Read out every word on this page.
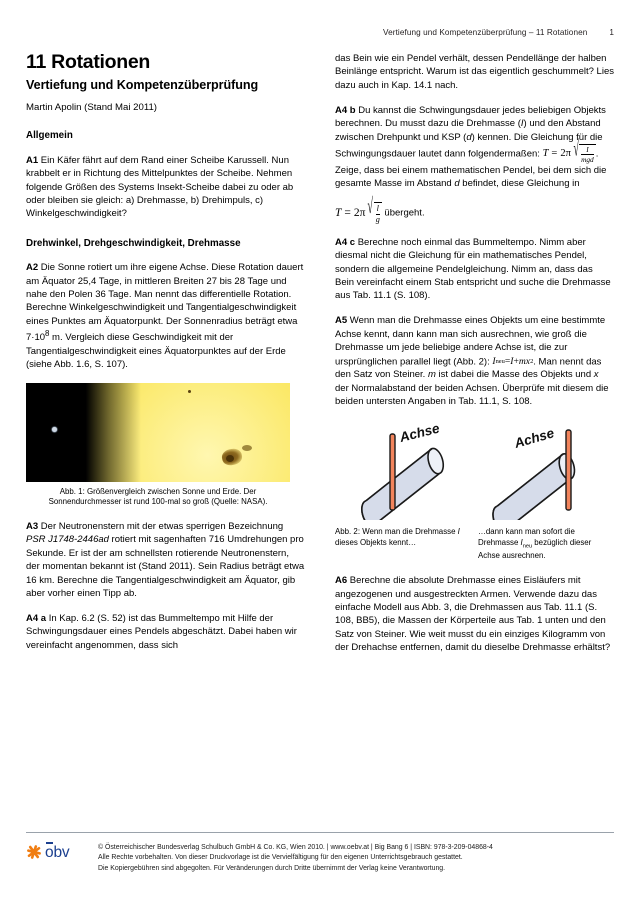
Vertiefung und Kompetenzüberprüfung – 11 Rotationen	1
11 Rotationen
Vertiefung und Kompetenzüberprüfung

Martin Apolin (Stand Mai 2011)

Allgemein

A1 Ein Käfer fährt auf dem Rand einer Scheibe Karussell. Nun krabbelt er in Richtung des Mittelpunktes der Scheibe. Nehmen folgende Größen des Systems Insekt-Scheibe dabei zu oder ab oder bleiben sie gleich: a) Drehmasse, b) Drehimpuls, c) Winkelgeschwindigkeit?

Drehwinkel, Drehgeschwindigkeit, Drehmasse

A2 Die Sonne rotiert um ihre eigene Achse. Diese Rotation dauert am Äquator 25,4 Tage, in mittleren Breiten 27 bis 28 Tage und nahe den Polen 36 Tage. Man nennt das differentielle Rotation. Berechne Winkelgeschwindigkeit und Tangentialgeschwindigkeit eines Punktes am Äquatorpunkt. Der Sonnenradius beträgt etwa $7\cdot 10^8$ m. Vergleich diese Geschwindigkeit mit der Tangentialgeschwindigkeit eines Äquatorpunktes auf der Erde (siehe Abb. 1.6, S. 107).

Abb. 1: Größenvergleich zwischen Sonne und Erde. Der Sonnendurchmesser ist rund 100-mal so groß (Quelle: NASA).

A3 Der Neutronenstern mit der etwas sperrigen Bezeichnung PSR J1748-2446ad rotiert mit sagenhaften 716 Umdrehungen pro Sekunde. Er ist der am schnellsten rotierende Neutronenstern, der momentan bekannt ist (Stand 2011). Sein Radius beträgt etwa 16 km. Berechne die Tangentialgeschwindigkeit am Äquator, gib aber vorher einen Tipp ab.

A4 a In Kap. 6.2 (S. 52) ist das Bummeltempo mit Hilfe der Schwingungsdauer eines Pendels abgeschätzt. Dabei haben wir vereinfacht angenommen, dass sich

das Bein wie ein Pendel verhält, dessen Pendellänge der halben Beinlänge entspricht. Warum ist das eigentlich geschummelt? Lies dazu auch in Kap. 14.1 nach.

A4 b Du kannst die Schwingungsdauer jedes beliebigen Objekts berechnen. Du musst dazu die Drehmasse (I) und den Abstand zwischen Drehpunkt und KSP (d) kennen. Die Gleichung für die Schwingungsdauer lautet dann folgendermaßen: T = 2π √ $\frac{I}{\text{mgd}}$ . Zeige, dass bei einem mathematischen Pendel, bei dem sich die gesamte Masse im Abstand d befindet, diese Gleichung in

T = 2π √ $\frac{l}{g}$ übergeht.

A4 c Berechne noch einmal das Bummeltempo. Nimm aber diesmal nicht die Gleichung für ein mathematisches Pendel, sondern die allgemeine Pendelgleichung. Nimm an, dass das Bein vereinfacht einem Stab entspricht und suche die Drehmasse aus Tab. 11.1 (S. 108).

A5 Wenn man die Drehmasse eines Objekts um eine bestimmte Achse kennt, dann kann man sich ausrechnen, wie groß die Drehmasse um jede beliebige andere Achse ist, die zur ursprünglichen parallel liegt (Abb. 2): I neu = I + m x 2 . Man nennt das den Satz von Steiner. m ist dabei die Masse des Objekts und x der Normalabstand der beiden Achsen. Überprüfe mit diesem die beiden untersten Angaben in Tab. 11.1, S. 108.

Achse	Achse

Abb. 2: Wenn man die Drehmasse I dieses Objekts kennt…

…dann kann man sofort die Drehmasse $I_{neu}$ bezüglich dieser Achse ausrechnen.

A6 Berechne die absolute Drehmasse eines Eisläufers mit angezogenen und ausgestreckten Armen. Verwende dazu das einfache Modell aus Abb. 3, die Drehmassen aus Tab. 11.1 (S. 108, BB5), die Massen der Körperteile aus Tab. 1 unten und den Satz von Steiner. Wie weit musst du ein einziges Kilogramm von der Drehachse entfernen, damit du dieselbe Drehmasse erhältst?

obv	© Österreichischer Bundesverlag Schulbuch GmbH & Co. KG, Wien 2010. | www.oebv.at | Big Bang 6 | ISBN: 978-3-209-04868-4
Alle Rechte vorbehalten. Von dieser Druckvorlage ist die Vervielfältigung für den eigenen Unterrichtsgebrauch gestattet.
Die Kopiergebühren sind abgegolten. Für Veränderungen durch Dritte übernimmt der Verlag keine Verantwortung.
